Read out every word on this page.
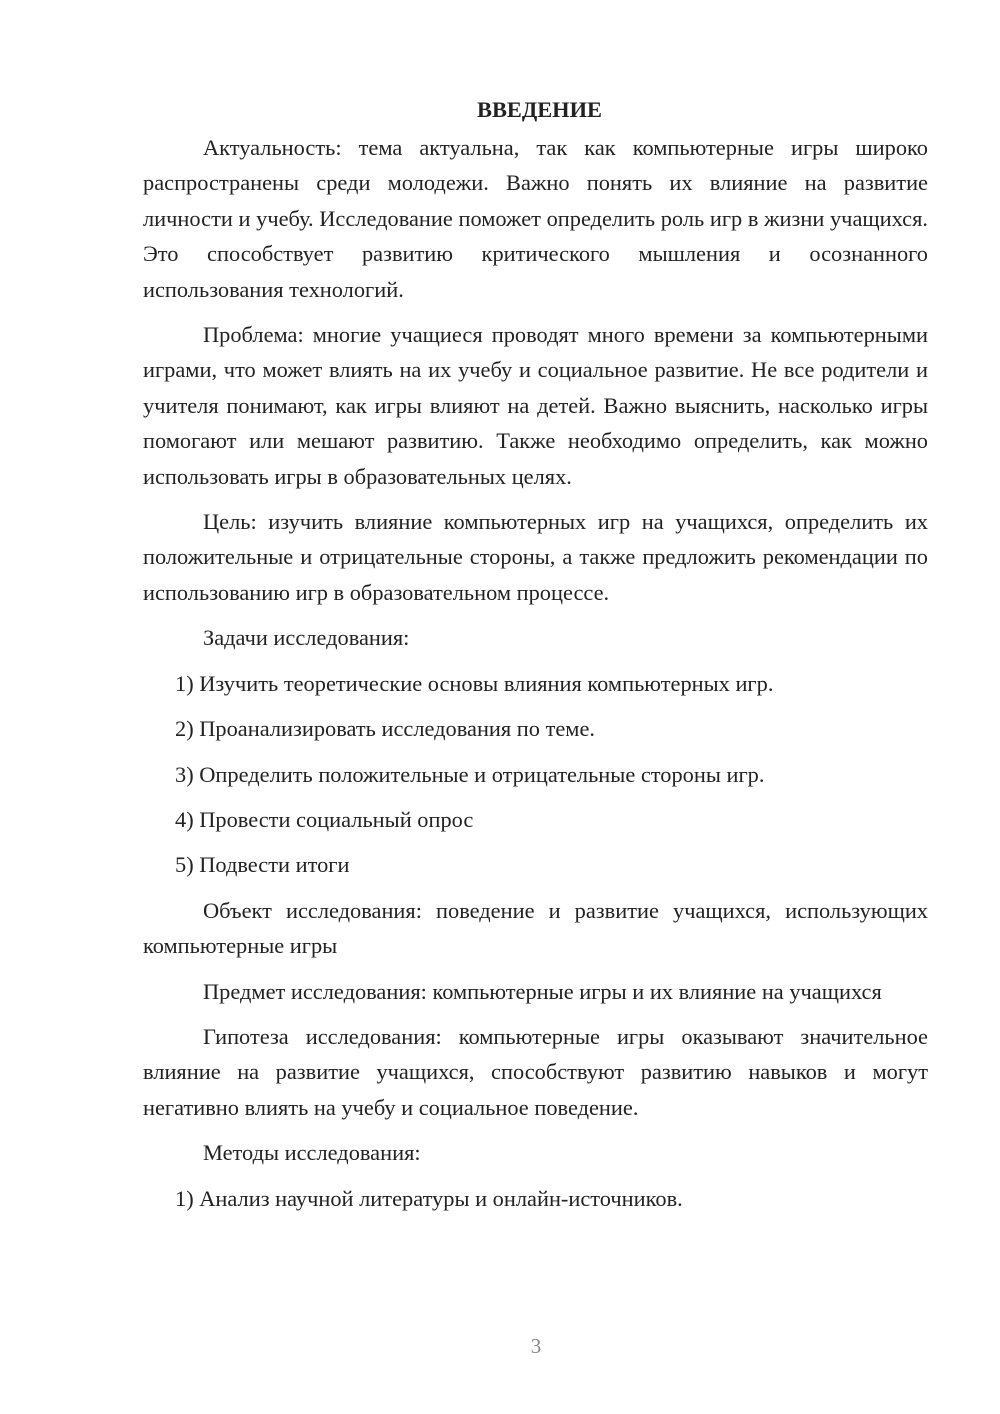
ВВЕДЕНИЕ

Актуальность: тема актуальна, так как компьютерные игры широко распространены среди молодежи. Важно понять их влияние на развитие личности и учебу. Исследование поможет определить роль игр в жизни учащихся. Это способствует развитию критического мышления и осознанного использования технологий.

Проблема: многие учащиеся проводят много времени за компьютерными играми, что может влиять на их учебу и социальное развитие. Не все родители и учителя понимают, как игры влияют на детей. Важно выяснить, насколько игры помогают или мешают развитию. Также необходимо определить, как можно использовать игры в образовательных целях.

Цель: изучить влияние компьютерных игр на учащихся, определить их положительные и отрицательные стороны, а также предложить рекомендации по использованию игр в образовательном процессе.

Задачи исследования:
1) Изучить теоретические основы влияния компьютерных игр.
2) Проанализировать исследования по теме.
3) Определить положительные и отрицательные стороны игр.
4) Провести социальный опрос
5) Подвести итоги

Объект исследования: поведение и развитие учащихся, использующих компьютерные игры

Предмет исследования: компьютерные игры и их влияние на учащихся

Гипотеза исследования: компьютерные игры оказывают значительное влияние на развитие учащихся, способствуют развитию навыков и могут негативно влиять на учебу и социальное поведение.

Методы исследования:
1) Анализ научной литературы и онлайн-источников.
3
